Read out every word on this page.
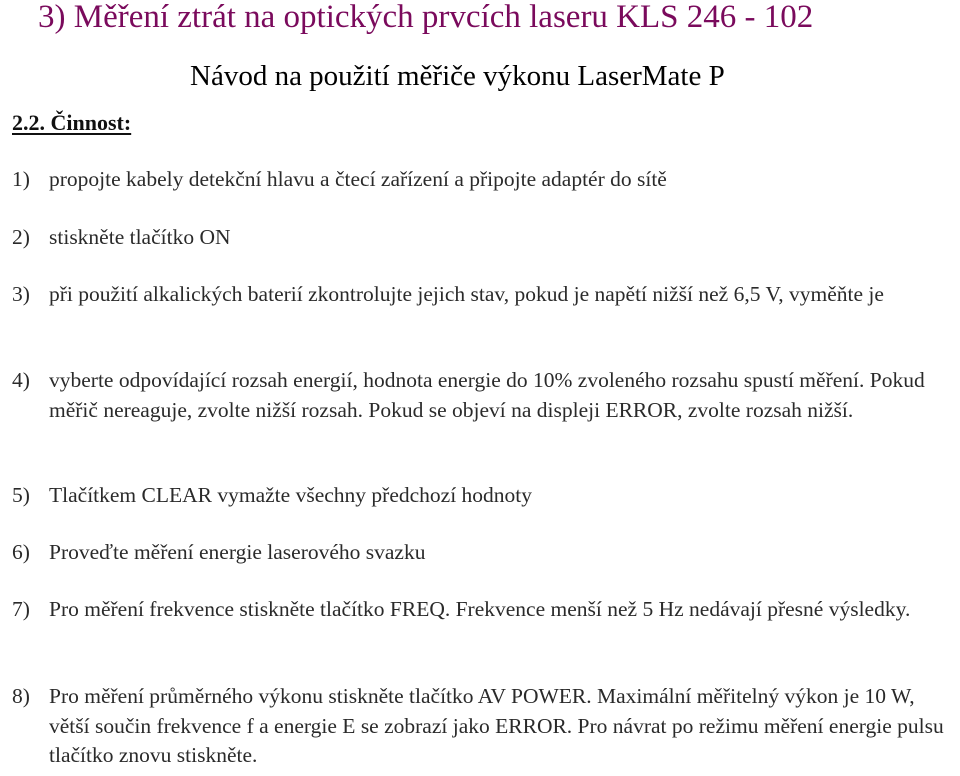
3) Měření ztrát na optických prvcích laseru KLS 246 - 102
Návod na použití měřiče výkonu LaserMate P
2.2. Činnost:
1) propojte kabely detekční hlavu a čtecí zařízení a připojte adaptér do sítě
2) stiskněte tlačítko ON
3) při použití alkalických baterií zkontrolujte jejich stav, pokud je napětí nižší než 6,5 V, vyměňte je
4) vyberte odpovídající rozsah energií, hodnota energie do 10% zvoleného rozsahu spustí měření. Pokud měřič nereaguje, zvolte nižší rozsah. Pokud se objeví na displeji ERROR, zvolte rozsah nižší.
5) Tlačítkem CLEAR vymažte všechny předchozí hodnoty
6) Proveďte měření energie laserového svazku
7) Pro měření frekvence stiskněte tlačítko FREQ. Frekvence menší než 5 Hz nedávají přesné výsledky.
8) Pro měření průměrného výkonu stiskněte tlačítko AV POWER. Maximální měřitelný výkon je 10 W, větší součin frekvence f a energie E se zobrazí jako ERROR. Pro návrat po režimu měření energie pulsu tlačítko znovu stiskněte.
